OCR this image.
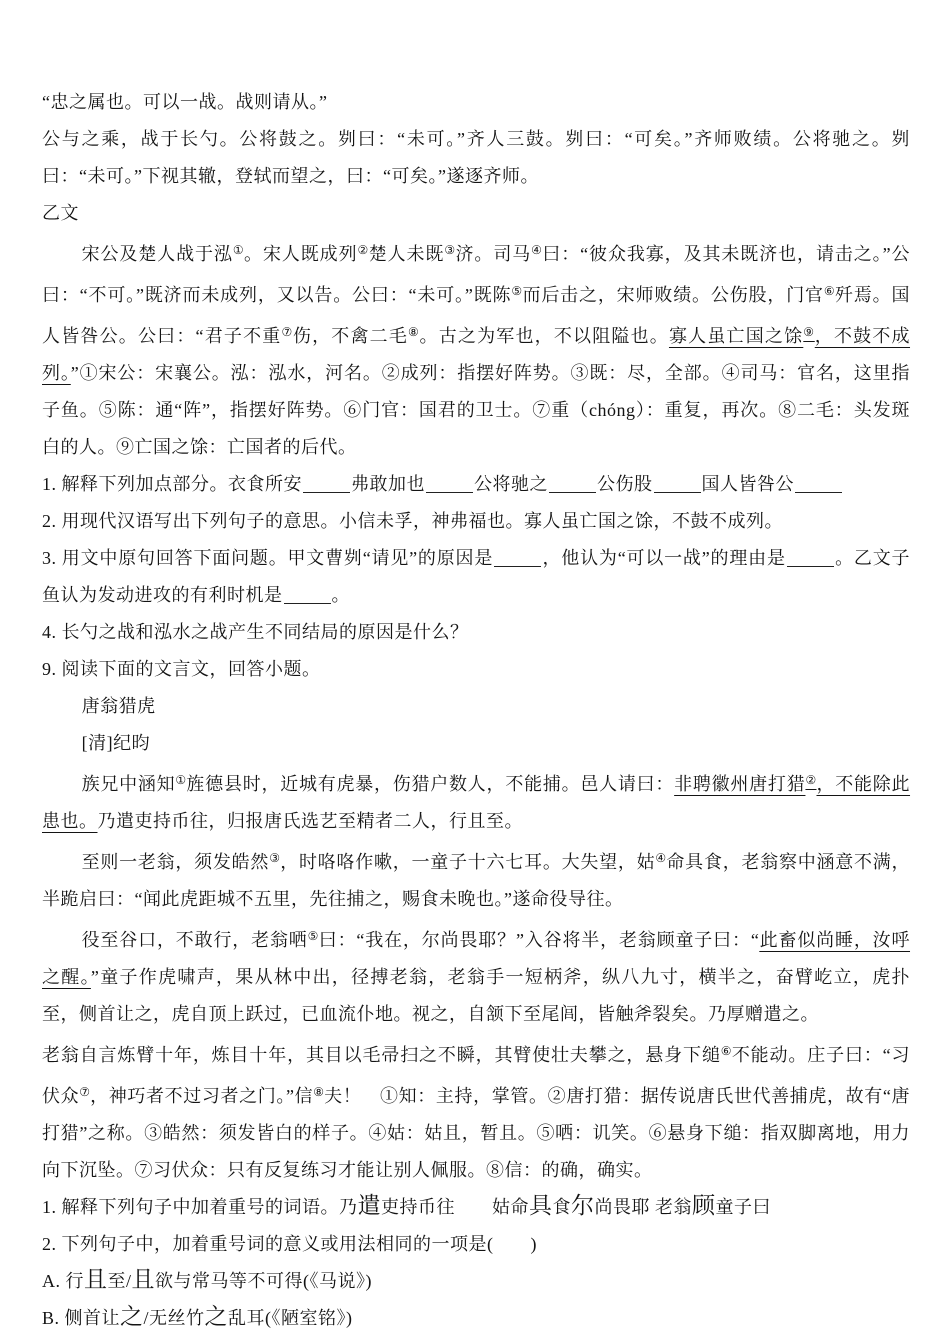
“忠之属也。可以一战。战则请从。”

公与之乘，战于长勺。公将鼓之。刿曰：“未可。”齐人三鼓。刿曰：“可矣。”齐师败绩。公将驰之。刿曰：“未可。”下视其辙，登轼而望之，曰：“可矣。”遂逐齐师。

乙文

宋公及楚人战于泓①。宋人既成列②楚人未既③济。司马④曰：“彼众我寡，及其未既济也，请击之。”公曰：“不可。”既济而未成列，又以告。公曰：“未可。”既陈⑤而后击之，宋师败绩。公伤股，门官⑥歼焉。国人皆咎公。公曰：“君子不重⑦伤，不禽二毛⑧。古之为军也，不以阻隘也。寡人虽亡国之馀⑨，不鼓不成列。”①宋公：宋襄公。泓：泓水，河名。②成列：指摆好阵势。③既：尽，全部。④司马：官名，这里指子鱼。⑤陈：通“阵”，指摆好阵势。⑥门官：国君的卫士。⑦重（chóng）：重复，再次。⑧二毛：头发斑白的人。⑨亡国之馀：亡国者的后代。

1. 解释下列加点部分。衣食所安	弗敢加也	公将驰之	公伤股	国人皆咎公

2. 用现代汉语写出下列句子的意思。小信未孚，神弗福也。寡人虽亡国之馀，不鼓不成列。

3. 用文中原句回答下面问题。甲文曹刿“请见”的原因是	，他认为“可以一战”的理由是	。乙文子鱼认为发动进攻的有利时机是	。

4. 长勺之战和泓水之战产生不同结局的原因是什么？

9. 阅读下面的文言文，回答小题。

唐翁猎虎

[清]纪昀

族兄中涵知①旌德县时，近城有虎暴，伤猎户数人，不能捕。邑人请曰：非聘徽州唐打猎②，不能除此患也。乃遣吏持币往，归报唐氏选艺至精者二人，行且至。

至则一老翁，须发皓然③，时咯咯作嗽，一童子十六七耳。大失望，姑④命具食，老翁察中涵意不满，半跪启曰：“闻此虎距城不五里，先往捕之，赐食未晚也。”遂命役导往。

役至谷口，不敢行，老翁哂⑤曰：“我在，尔尚畏耶？”入谷将半，老翁顾童子曰：“此畜似尚睡，汝呼之醒。”童子作虎啸声，果从林中出，径搏老翁，老翁手一短柄斧，纵八九寸，横半之，奋臂屹立，虎扑至，侧首让之，虎自顶上跃过，已血流仆地。视之，自颔下至尾闾，皆触斧裂矣。乃厚赠遣之。

老翁自言炼臂十年，炼目十年，其目以毛帚扫之不瞬，其臂使壮夫攀之，悬身下缒⑥不能动。庄子曰：“习伏众⑦，神巧者不过习者之门。”信⑧夫！　①知：主持，掌管。②唐打猎：据传说唐氏世代善捕虎，故有“唐打猎”之称。③皓然：须发皆白的样子。④姑：姑且，暂且。⑤哂：讥笑。⑥悬身下缒：指双脚离地，用力向下沉坠。⑦习伏众：只有反复练习才能让别人佩服。⑧信：的确，确实。

1. 解释下列句子中加着重号的词语。乃遣吏持币往　　姑命具食尔尚畏耶 老翁顾童子曰

2. 下列句子中，加着重号词的意义或用法相同的一项是(　　)

A. 行且至/且欲与常马等不可得(《马说》)

B. 侧首让之/无丝竹之乱耳(《陋室铭》)
